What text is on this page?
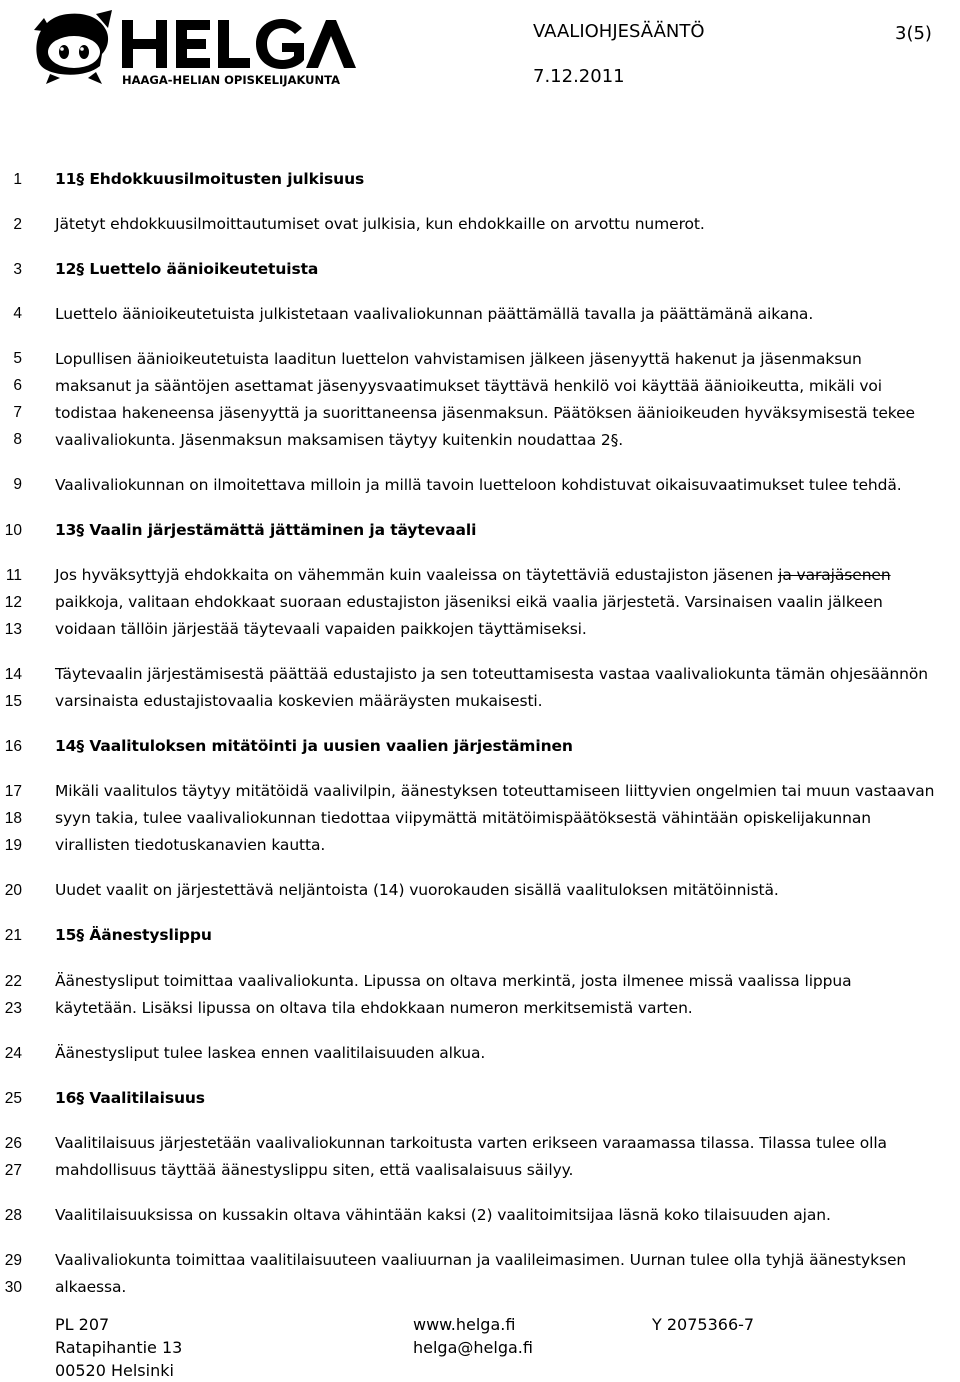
HAAGA-HELIAN OPISKELIJAKUNTA
VAALIOHJESÄÄNTÖ	3(5)
7.12.2011
1
2
3
4
5
6
7
8
9
10
11
12
13
14
15
16
17
18
19
20
21
22
23
24
25
26
27
28
29
30
11§ Ehdokkuusilmoitusten julkisuus
Jätetyt ehdokkuusilmoittautumiset ovat julkisia, kun ehdokkaille on arvottu numerot.
12§ Luettelo äänioikeutetuista
Luettelo äänioikeutetuista julkistetaan vaalivaliokunnan päättämällä tavalla ja päättämänä aikana.
Lopullisen äänioikeutetuista laaditun luettelon vahvistamisen jälkeen jäsenyyttä hakenut ja jäsenmaksun
maksanut ja sääntöjen asettamat jäsenyysvaatimukset täyttävä henkilö voi käyttää äänioikeutta, mikäli voi
todistaa hakeneensa jäsenyyttä ja suorittaneensa jäsenmaksun. Päätöksen äänioikeuden hyväksymisestä tekee
vaalivaliokunta. Jäsenmaksun maksamisen täytyy kuitenkin noudattaa 2§.
Vaalivaliokunnan on ilmoitettava milloin ja millä tavoin luetteloon kohdistuvat oikaisuvaatimukset tulee tehdä.
13§ Vaalin järjestämättä jättäminen ja täytevaali
Jos hyväksyttyjä ehdokkaita on vähemmän kuin vaaleissa on täytettäviä edustajiston jäsenen ja varajäsenen
paikkoja, valitaan ehdokkaat suoraan edustajiston jäseniksi eikä vaalia järjestetä. Varsinaisen vaalin jälkeen
voidaan tällöin järjestää täytevaali vapaiden paikkojen täyttämiseksi.
Täytevaalin järjestämisestä päättää edustajisto ja sen toteuttamisesta vastaa vaalivaliokunta tämän ohjesäännön
varsinaista edustajistovaalia koskevien määräysten mukaisesti.
14§ Vaalituloksen mitätöinti ja uusien vaalien järjestäminen
Mikäli vaalitulos täytyy mitätöidä vaalivilpin, äänestyksen toteuttamiseen liittyvien ongelmien tai muun vastaavan
syyn takia, tulee vaalivaliokunnan tiedottaa viipymättä mitätöimispäätöksestä vähintään opiskelijakunnan
virallisten tiedotuskanavien kautta.
Uudet vaalit on järjestettävä neljäntoista (14) vuorokauden sisällä vaalituloksen mitätöinnistä.
15§ Äänestyslippu
Äänestysliput toimittaa vaalivaliokunta. Lipussa on oltava merkintä, josta ilmenee missä vaalissa lippua
käytetään. Lisäksi lipussa on oltava tila ehdokkaan numeron merkitsemistä varten.
Äänestysliput tulee laskea ennen vaalitilaisuuden alkua.
16§ Vaalitilaisuus
Vaalitilaisuus järjestetään vaalivaliokunnan tarkoitusta varten erikseen varaamassa tilassa. Tilassa tulee olla
mahdollisuus täyttää äänestyslippu siten, että vaalisalaisuus säilyy.
Vaalitilaisuuksissa on kussakin oltava vähintään kaksi (2) vaalitoimitsijaa läsnä koko tilaisuuden ajan.
Vaalivaliokunta toimittaa vaalitilaisuuteen vaaliuurnan ja vaalileimasimen. Uurnan tulee olla tyhjä äänestyksen
alkaessa.
PL 207
Ratapihantie 13
00520 Helsinki
www.helga.fi
helga@helga.fi
Y 2075366-7
